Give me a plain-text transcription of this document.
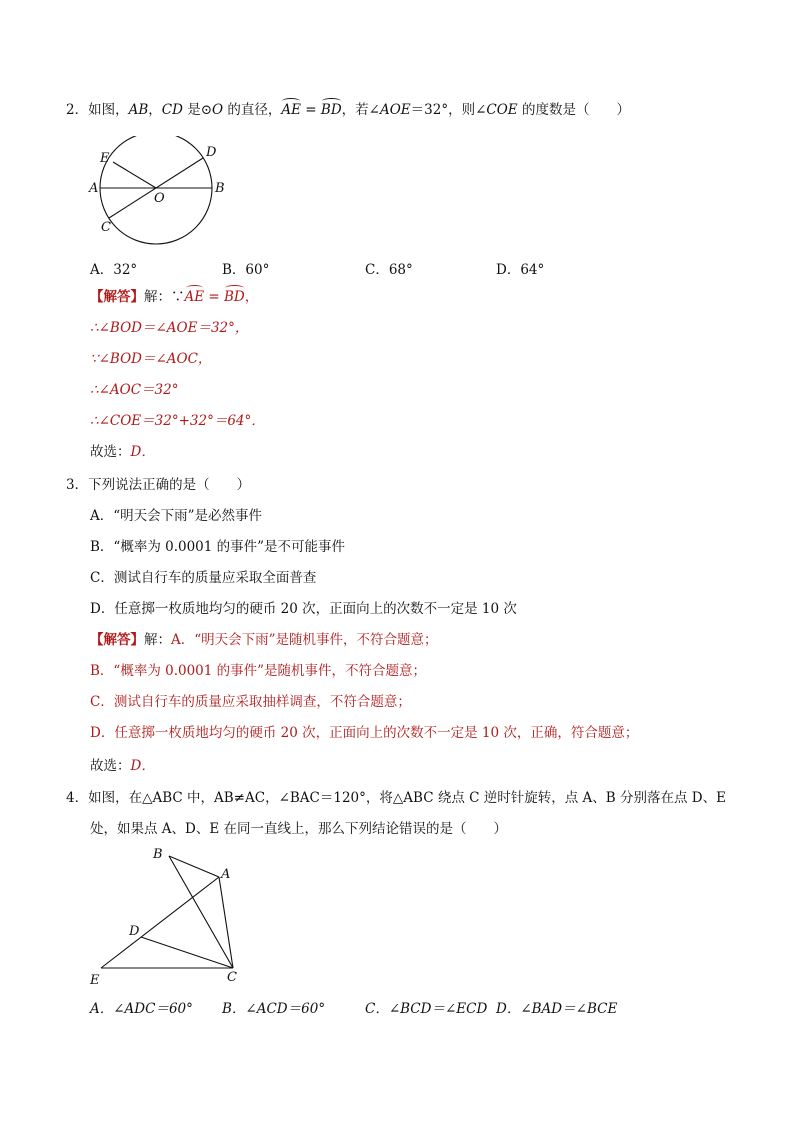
2．如图，AB，CD 是⊙O 的直径，AE = BD，若∠AOE＝32°，则∠COE 的度数是（　　）
E	D
A	B
O
C
A．32°	B．60°	C．68°	D．64°
【解答】解：∵AE = BD，
∴∠BOD＝∠AOE＝32°，
∵∠BOD＝∠AOC，
∴∠AOC＝32°
∴∠COE＝32°+32°＝64°．
故选：D．
3．下列说法正确的是（　　）
A．“明天会下雨”是必然事件
B．“概率为 0.0001 的事件”是不可能事件
C．测试自行车的质量应采取全面普查
D．任意掷一枚质地均匀的硬币 20 次，正面向上的次数不一定是 10 次
【解答】解：A．“明天会下雨”是随机事件，不符合题意；
B．“概率为 0.0001 的事件”是随机事件，不符合题意；
C．测试自行车的质量应采取抽样调查，不符合题意；
D．任意掷一枚质地均匀的硬币 20 次，正面向上的次数不一定是 10 次，正确，符合题意；
故选：D．
4．如图，在△ABC 中，AB≠AC，∠BAC＝120°，将△ABC 绕点 C 逆时针旋转，点 A、B 分别落在点 D、E
处，如果点 A、D、E 在同一直线上，那么下列结论错误的是（　　）
B
A
D
E	C
A．∠ADC＝60° B．∠ACD＝60°	C．∠BCD＝∠ECD D．∠BAD＝∠BCE
